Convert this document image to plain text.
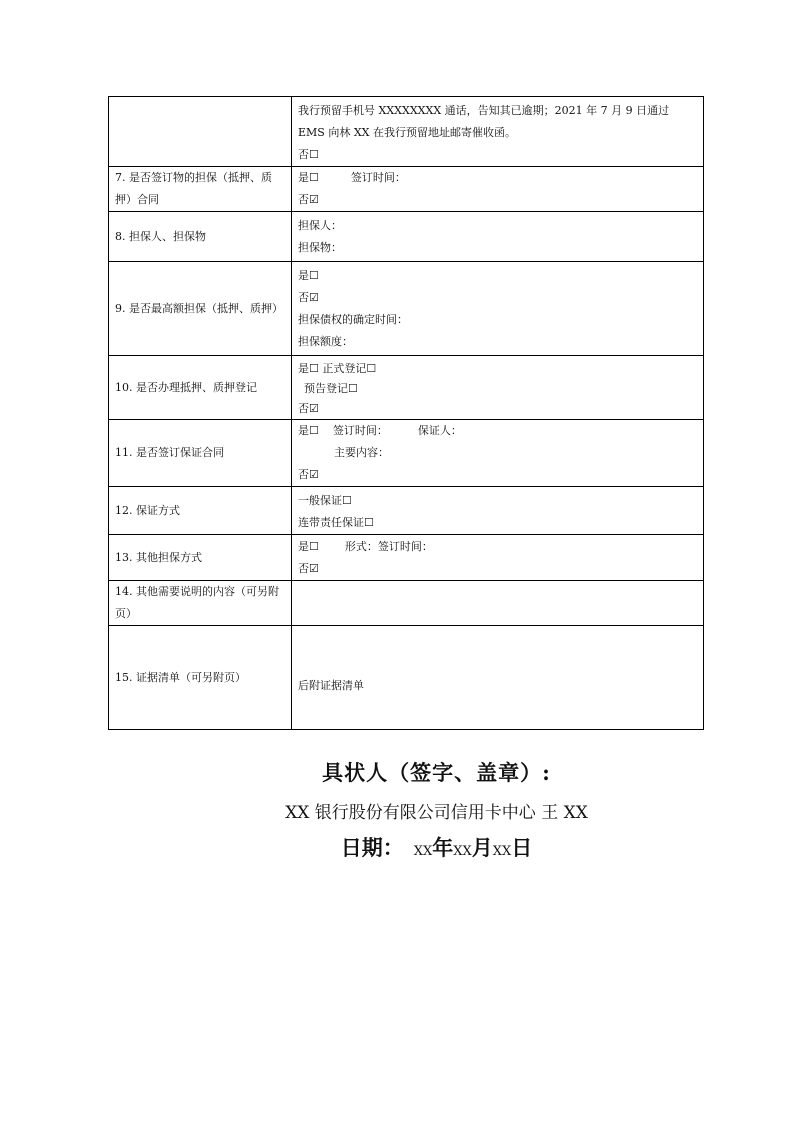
	我行预留手机号 XXXXXXXX 通话，告知其已逾期；2021 年 7 月 9 日通过 EMS 向林 XX 在我行预留地址邮寄催收函。
否☐

7. 是否签订物的担保（抵押、质押）合同	是☐ 签订时间：
否☑

8. 担保人、担保物	担保人：
担保物：

9. 是否最高额担保（抵押、质押）	是☐
否☑
担保债权的确定时间：
担保额度：

10. 是否办理抵押、质押登记	是☐ 正式登记☐
预告登记☐
否☑

11. 是否签订保证合同	是☐ 签订时间： 保证人：
主要内容：
否☑

12. 保证方式	一般保证☐
连带责任保证☐

13. 其他担保方式	是☐ 形式：签订时间：
否☑

14. 其他需要说明的内容（可另附页）	
15. 证据清单（可另附页）	后附证据清单
具状人（签字、盖章）:
XX 银行股份有限公司信用卡中心 王 XX
日期： XX年XX月XX日
